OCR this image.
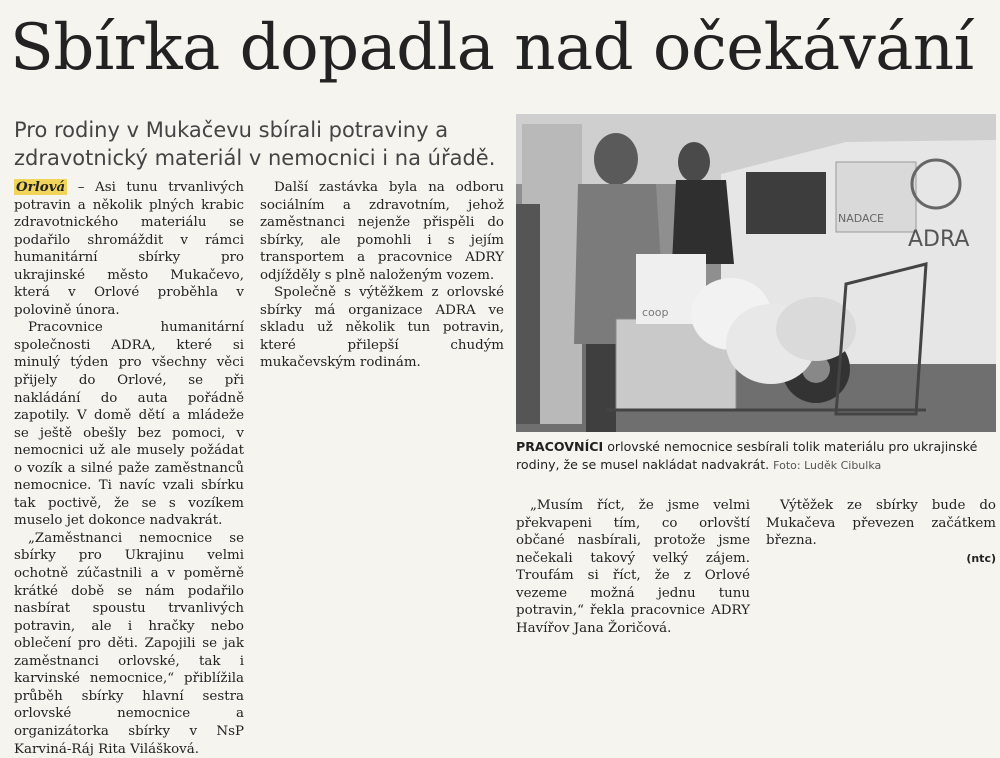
Sbírka dopadla nad očekávání
Pro rodiny v Mukačevu sbírali potraviny a zdravotnický materiál v nemocnici i na úřadě.

Orlová – Asi tunu trvanlivých potravin a několik plných krabic zdravotnického materiálu se podařilo shromáždit v rámci humanitární sbírky pro ukrajinské město Mukačevo, která v Orlové proběhla v polovině února.

Pracovnice humanitární společnosti ADRA, které si minulý týden pro všechny věci přijely do Orlové, se při nakládání do auta pořádně zapotily. V domě dětí a mládeže se ještě obešly bez pomoci, v nemocnici už ale musely požádat o vozík a silné paže zaměstnanců nemocnice. Ti navíc vzali sbírku tak poctivě, že se s vozíkem muselo jet dokonce nadvakrát.

„Zaměstnanci nemocnice se sbírky pro Ukrajinu velmi ochotně zúčastnili a v poměrně krátké době se nám podařilo nasbírat spoustu trvanlivých potravin, ale i hračky nebo oblečení pro děti. Zapojili se jak zaměstnanci orlovské, tak i karvinské nemocnice,“ přiblížila průběh sbírky hlavní sestra orlovské nemocnice a organizátorka sbírky v NsP Karviná-Ráj Rita Vilášková.

Další zastávka byla na odboru sociálním a zdravotním, jehož zaměstnanci nejenže přispěli do sbírky, ale pomohli i s jejím transportem a pracovnice ADRY odjížděly s plně naloženým vozem.

Společně s výtěžkem z orlovské sbírky má organizace ADRA ve skladu už několik tun potravin, které přilepší chudým mukačevským rodinám.

ADRA
NADACE
coop
PRACOVNÍCI orlovské nemocnice sesbírali tolik materiálu pro ukrajinské rodiny, že se musel nakládat nadvakrát. Foto: Luděk Cibulka

„Musím říct, že jsme velmi překvapeni tím, co orlovští občané nasbírali, protože jsme nečekali takový velký zájem. Troufám si říct, že z Orlové vezeme možná jednu tunu potravin,“ řekla pracovnice ADRY Havířov Jana Žoričová.

Výtěžek ze sbírky bude do Mukačeva převezen začátkem března.

(ntc)
